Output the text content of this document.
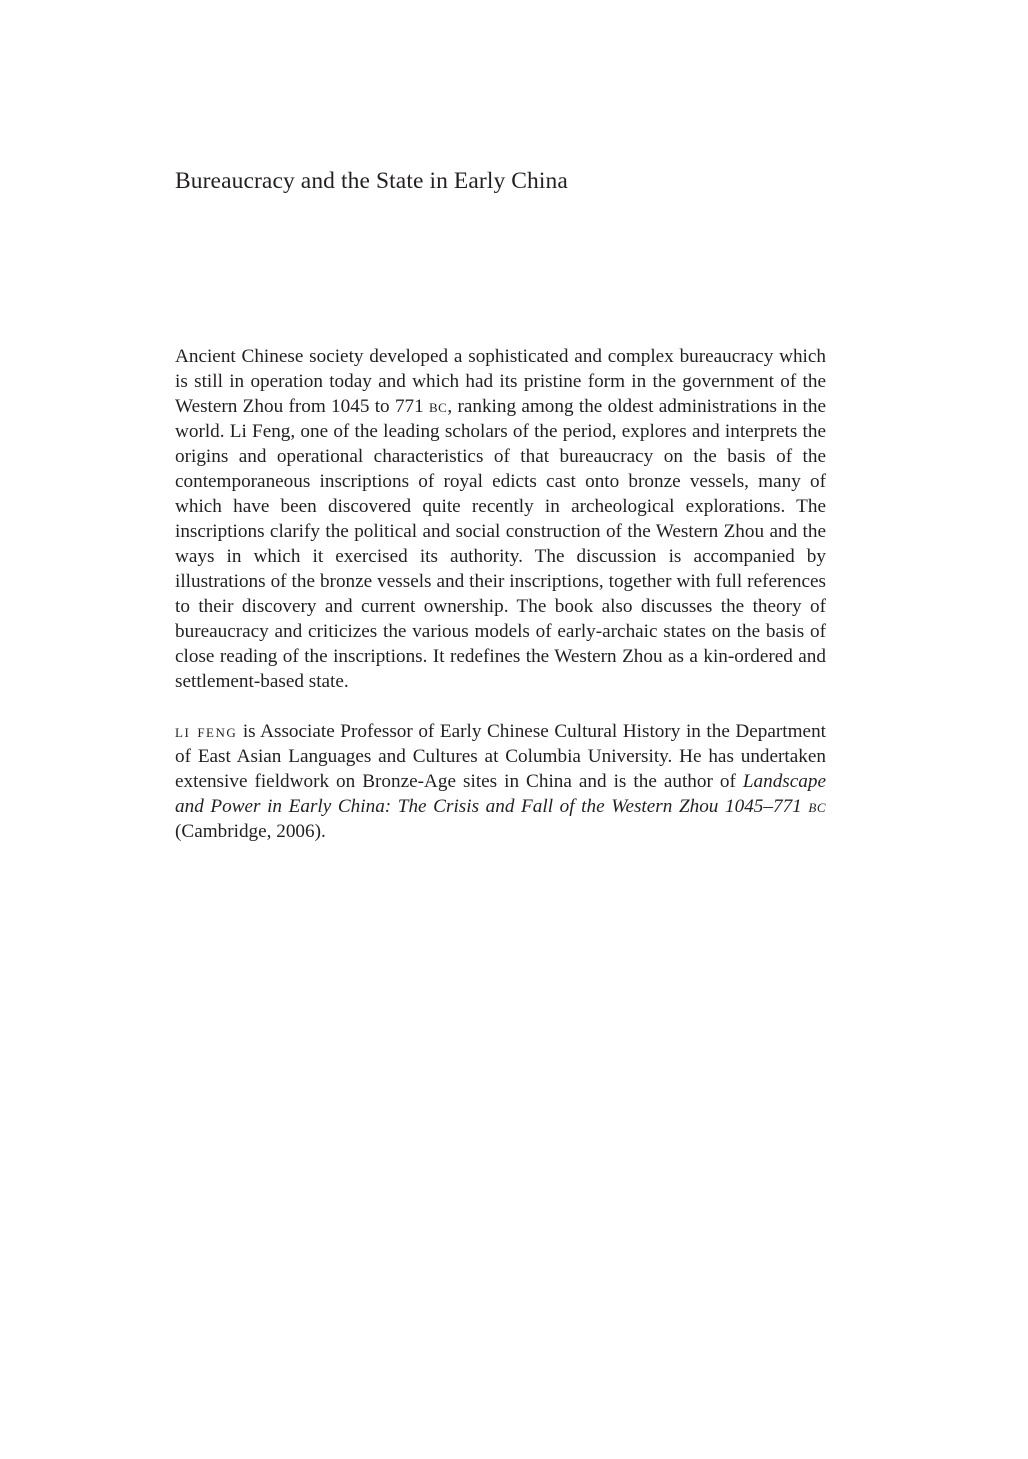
Bureaucracy and the State in Early China

Ancient Chinese society developed a sophisticated and complex bureaucracy which is still in operation today and which had its pristine form in the government of the Western Zhou from 1045 to 771 bc, ranking among the oldest administrations in the world. Li Feng, one of the leading scholars of the period, explores and interprets the origins and operational characteristics of that bureaucracy on the basis of the contemporaneous inscriptions of royal edicts cast onto bronze vessels, many of which have been discovered quite recently in archeological explorations. The inscriptions clarify the political and social construction of the Western Zhou and the ways in which it exercised its authority. The discussion is accompanied by illustrations of the bronze vessels and their inscriptions, together with full references to their discovery and current ownership. The book also discusses the theory of bureaucracy and criticizes the various models of early-archaic states on the basis of close reading of the inscriptions. It redefines the Western Zhou as a kin-ordered and settlement-based state.

li feng is Associate Professor of Early Chinese Cultural History in the Department of East Asian Languages and Cultures at Columbia University. He has undertaken extensive fieldwork on Bronze-Age sites in China and is the author of Landscape and Power in Early China: The Crisis and Fall of the Western Zhou 1045–771 bc (Cambridge, 2006).
